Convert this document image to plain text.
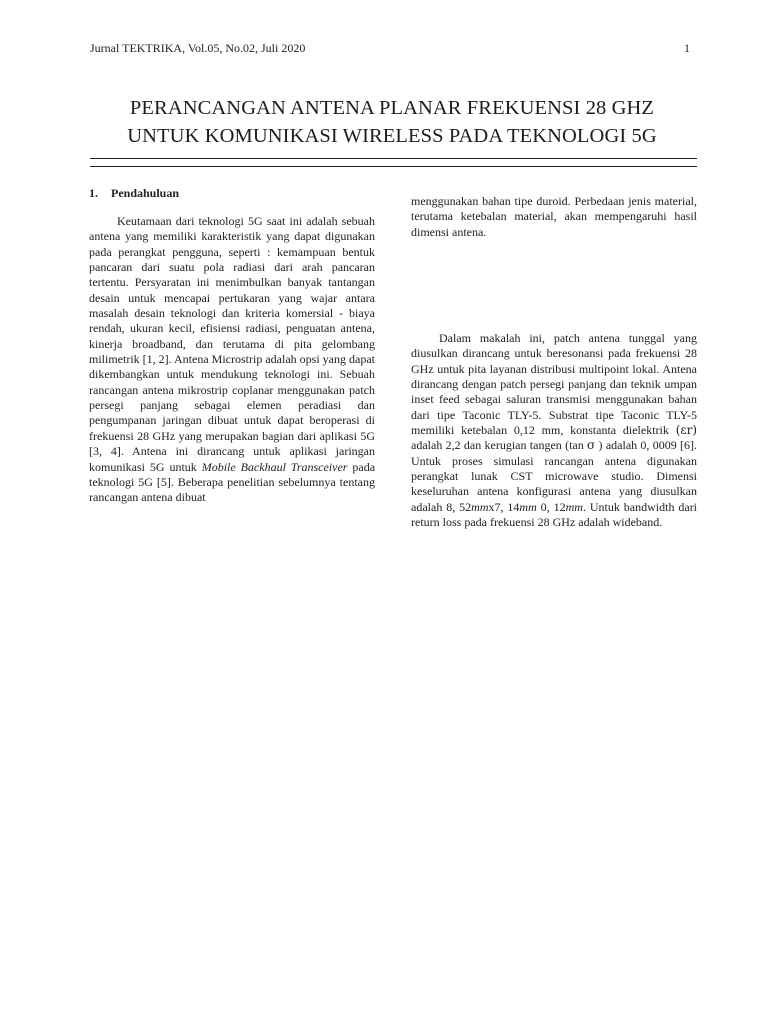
Jurnal TEKTRIKA, Vol.05, No.02, Juli 2020	1
PERANCANGAN ANTENA PLANAR FREKUENSI 28 GHZ
UNTUK KOMUNIKASI WIRELESS PADA TEKNOLOGI 5G
1. Pendahuluan

Keutamaan dari teknologi 5G saat ini adalah sebuah antena yang memiliki karakteristik yang dapat digunakan pada perangkat pengguna, seperti : kemampuan bentuk pancaran dari suatu pola radiasi dari arah pancaran tertentu. Persyaratan ini menimbulkan banyak tantangan desain untuk mencapai pertukaran yang wajar antara masalah desain teknologi dan kriteria komersial - biaya rendah, ukuran kecil, efisiensi radiasi, penguatan antena, kinerja broadband, dan terutama di pita gelombang milimetrik [1, 2]. Antena Microstrip adalah opsi yang dapat dikembangkan untuk mendukung teknologi ini. Sebuah rancangan antena mikrostrip coplanar menggunakan patch persegi panjang sebagai elemen peradiasi dan pengumpanan jaringan dibuat untuk dapat beroperasi di frekuensi 28 GHz yang merupakan bagian dari aplikasi 5G [3, 4]. Antena ini dirancang untuk aplikasi jaringan komunikasi 5G untuk Mobile Backhaul Transceiver pada teknologi 5G [5]. Beberapa penelitian sebelumnya tentang rancangan antena dibuat

menggunakan bahan tipe duroid. Perbedaan jenis material, terutama ketebalan material, akan mempengaruhi hasil dimensi antena.

Dalam makalah ini, patch antena tunggal yang diusulkan dirancang untuk beresonansi pada frekuensi 28 GHz untuk pita layanan distribusi multipoint lokal. Antena dirancang dengan patch persegi panjang dan teknik umpan inset feed sebagai saluran transmisi menggunakan bahan dari tipe Taconic TLY-5. Substrat tipe Taconic TLY-5 memiliki ketebalan 0,12 mm, konstanta dielektrik (εr) adalah 2,2 dan kerugian tangen (tan σ ) adalah 0, 0009 [6]. Untuk proses simulasi rancangan antena digunakan perangkat lunak CST microwave studio. Dimensi keseluruhan antena konfigurasi antena yang diusulkan adalah 8, 52mmx7, 14mm 0, 12mm. Untuk bandwidth dari return loss pada frekuensi 28 GHz adalah wideband.
